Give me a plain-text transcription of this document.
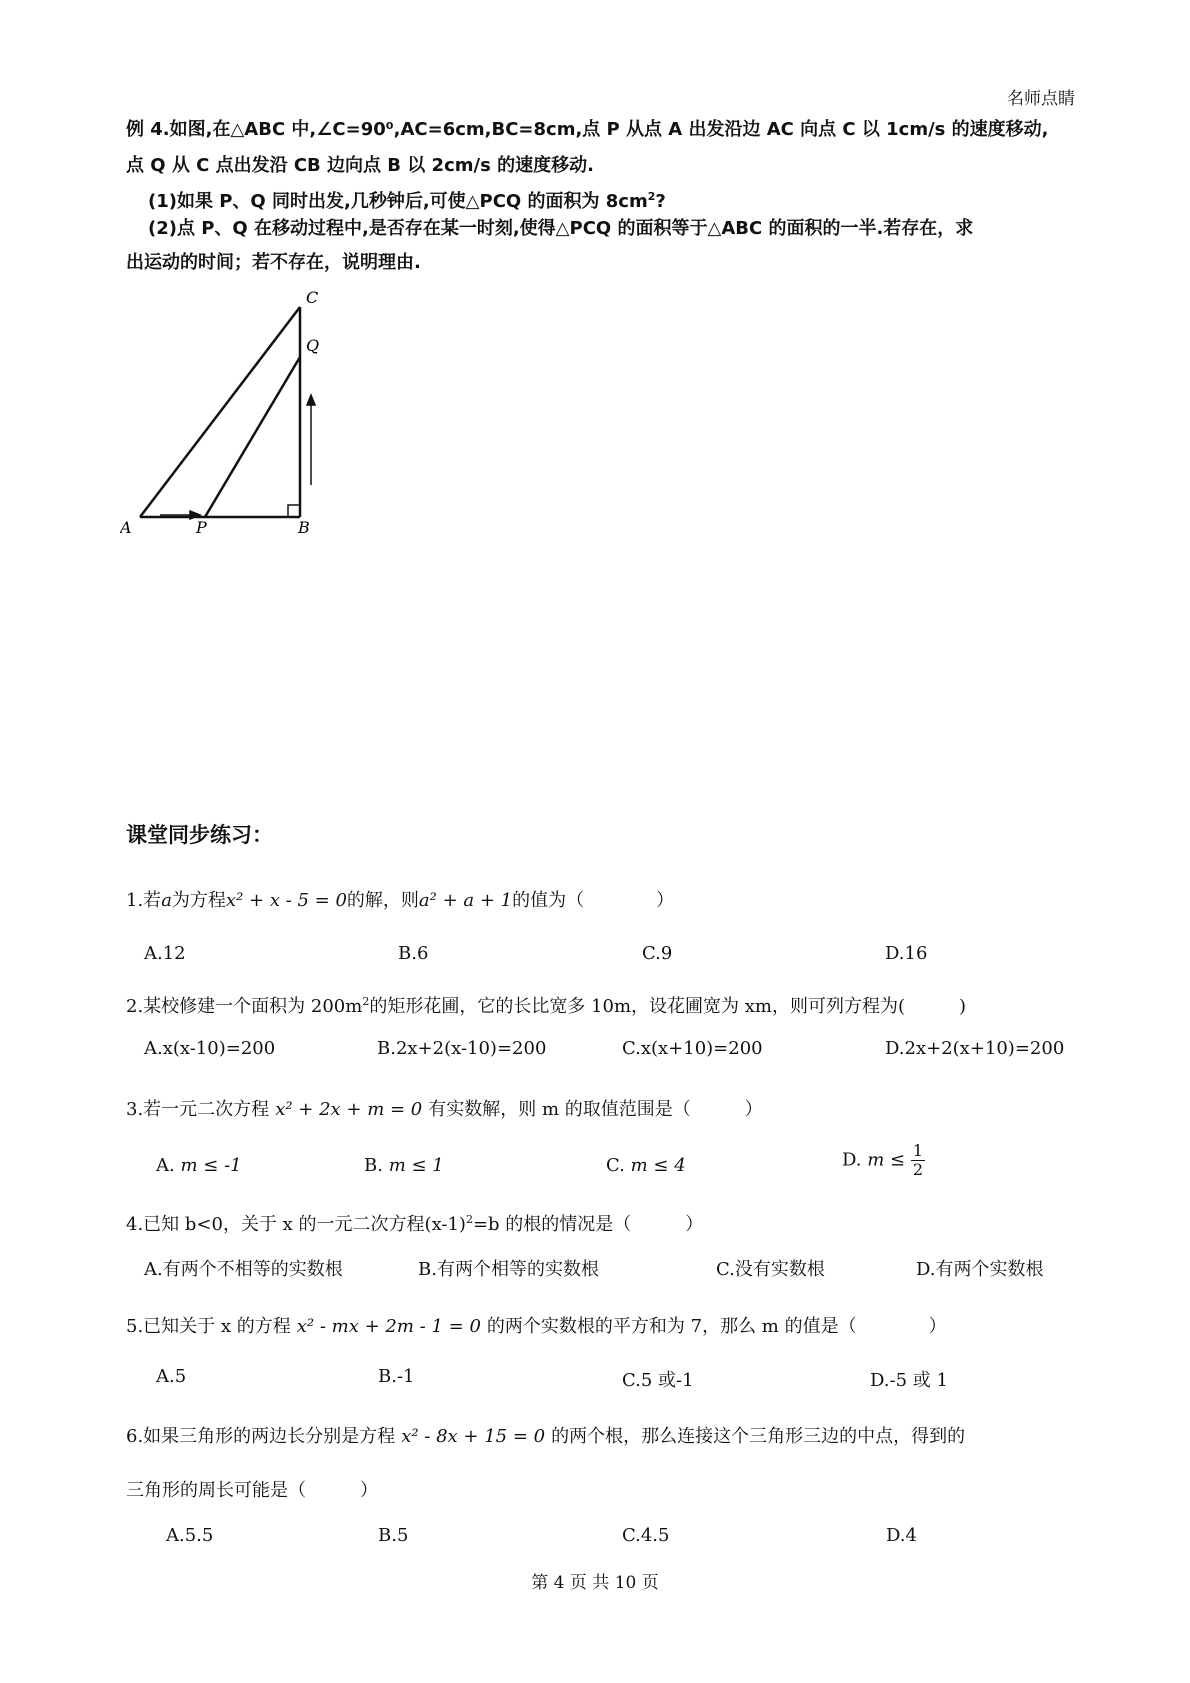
名师点睛
例 4.如图,在△ABC 中,∠C=90⁰,AC=6cm,BC=8cm,点 P 从点 A 出发沿边 AC 向点 C 以 1cm/s 的速度移动,
点 Q 从 C 点出发沿 CB 边向点 B 以 2cm/s 的速度移动.
(1)如果 P、Q 同时出发,几秒钟后,可使△PCQ 的面积为 $8cm^2$?
(2)点 P、Q 在移动过程中,是否存在某一时刻,使得△PCQ 的面积等于△ABC 的面积的一半.若存在，求
出运动的时间；若不存在，说明理由.
C
Q
A	P	B
课堂同步练习：
1.若a为方程x² + x - 5 = 0的解，则a² + a + 1的值为（　　　　）
A.12	B.6	C.9	D.16
2.某校修建一个面积为 $200m^2$的矩形花圃，它的长比宽多 10m，设花圃宽为 xm，则可列方程为(　　　)
A.x(x-10)=200	B.2x+2(x-10)=200	C.x(x+10)=200	D.2x+2(x+10)=200
3.若一元二次方程 x² + 2x + m = 0 有实数解，则 m 的取值范围是（　　　）
A. m ≤ -1	B. m ≤ 1	C. m ≤ 4	D. $m \le \frac{1}{2}$
4.已知 b<0，关于 x 的一元二次方程$(x-1)^2=b$ 的根的情况是（　　　）
A.有两个不相等的实数根	B.有两个相等的实数根	C.没有实数根	D.有两个实数根
5.已知关于 x 的方程 x² - mx + 2m - 1 = 0 的两个实数根的平方和为 7，那么 m 的值是（　　　　）
A.5	B.-1	C.5 或-1	D.-5 或 1
6.如果三角形的两边长分别是方程 x² - 8x + 15 = 0 的两个根，那么连接这个三角形三边的中点，得到的
三角形的周长可能是（　　　）
A.5.5	B.5	C.4.5	D.4
第 4 页 共 10 页
